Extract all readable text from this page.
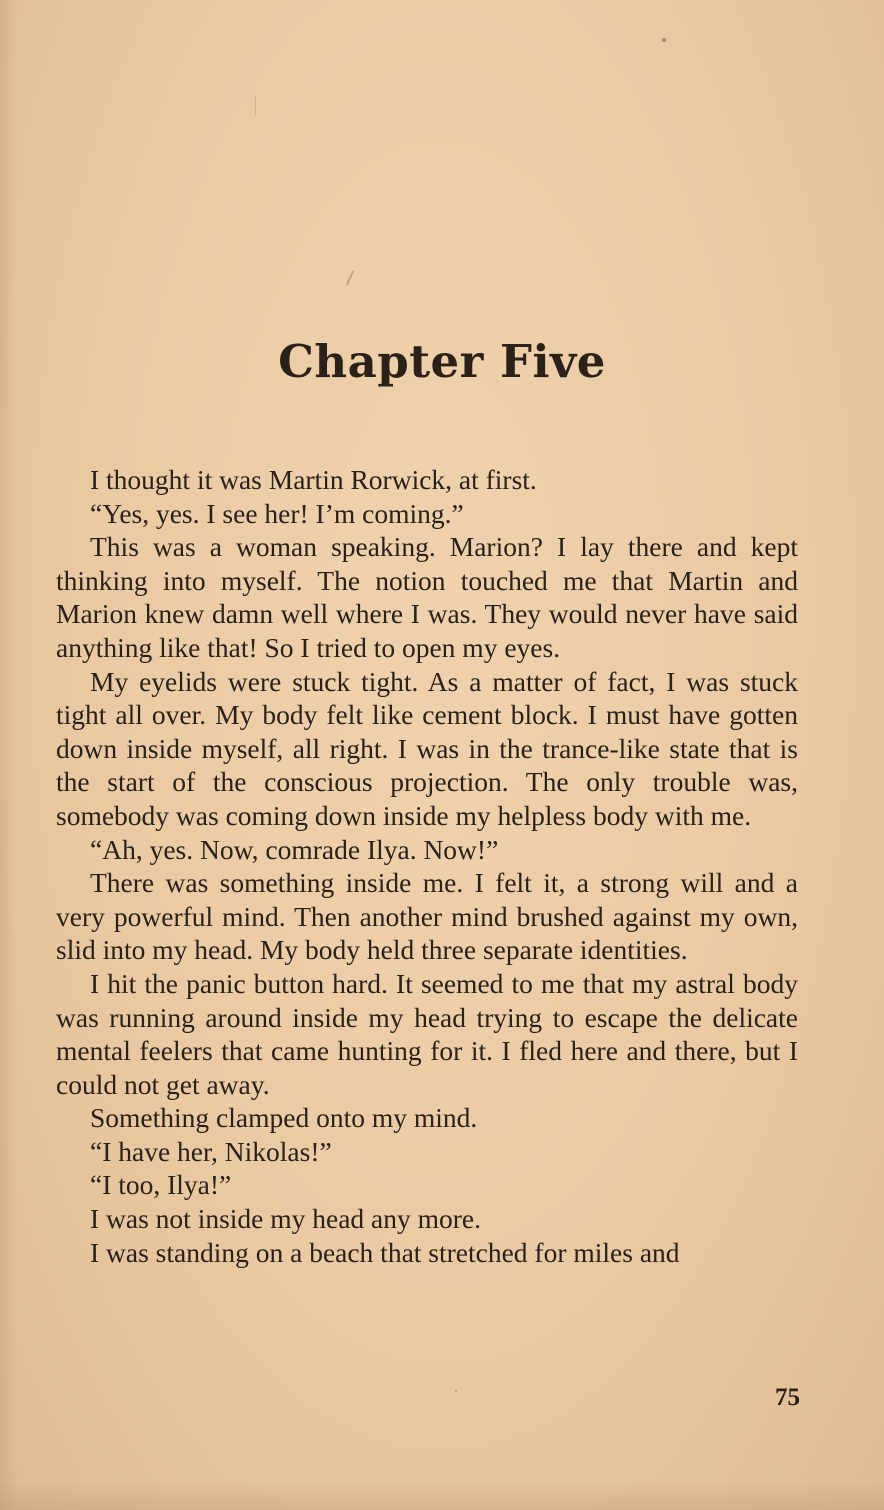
Chapter Five

I thought it was Martin Rorwick, at first.

“Yes, yes. I see her! I’m coming.”

This was a woman speaking. Marion? I lay there and kept thinking into myself. The notion touched me that Martin and Marion knew damn well where I was. They would never have said anything like that! So I tried to open my eyes.

My eyelids were stuck tight. As a matter of fact, I was stuck tight all over. My body felt like cement block. I must have gotten down inside myself, all right. I was in the trance-like state that is the start of the conscious projection. The only trouble was, somebody was coming down inside my helpless body with me.

“Ah, yes. Now, comrade Ilya. Now!”

There was something inside me. I felt it, a strong will and a very powerful mind. Then another mind brushed against my own, slid into my head. My body held three separate identities.

I hit the panic button hard. It seemed to me that my astral body was running around inside my head trying to escape the delicate mental feelers that came hunting for it. I fled here and there, but I could not get away.

Something clamped onto my mind.

“I have her, Nikolas!”

“I too, Ilya!”

I was not inside my head any more.

I was standing on a beach that stretched for miles and

75
